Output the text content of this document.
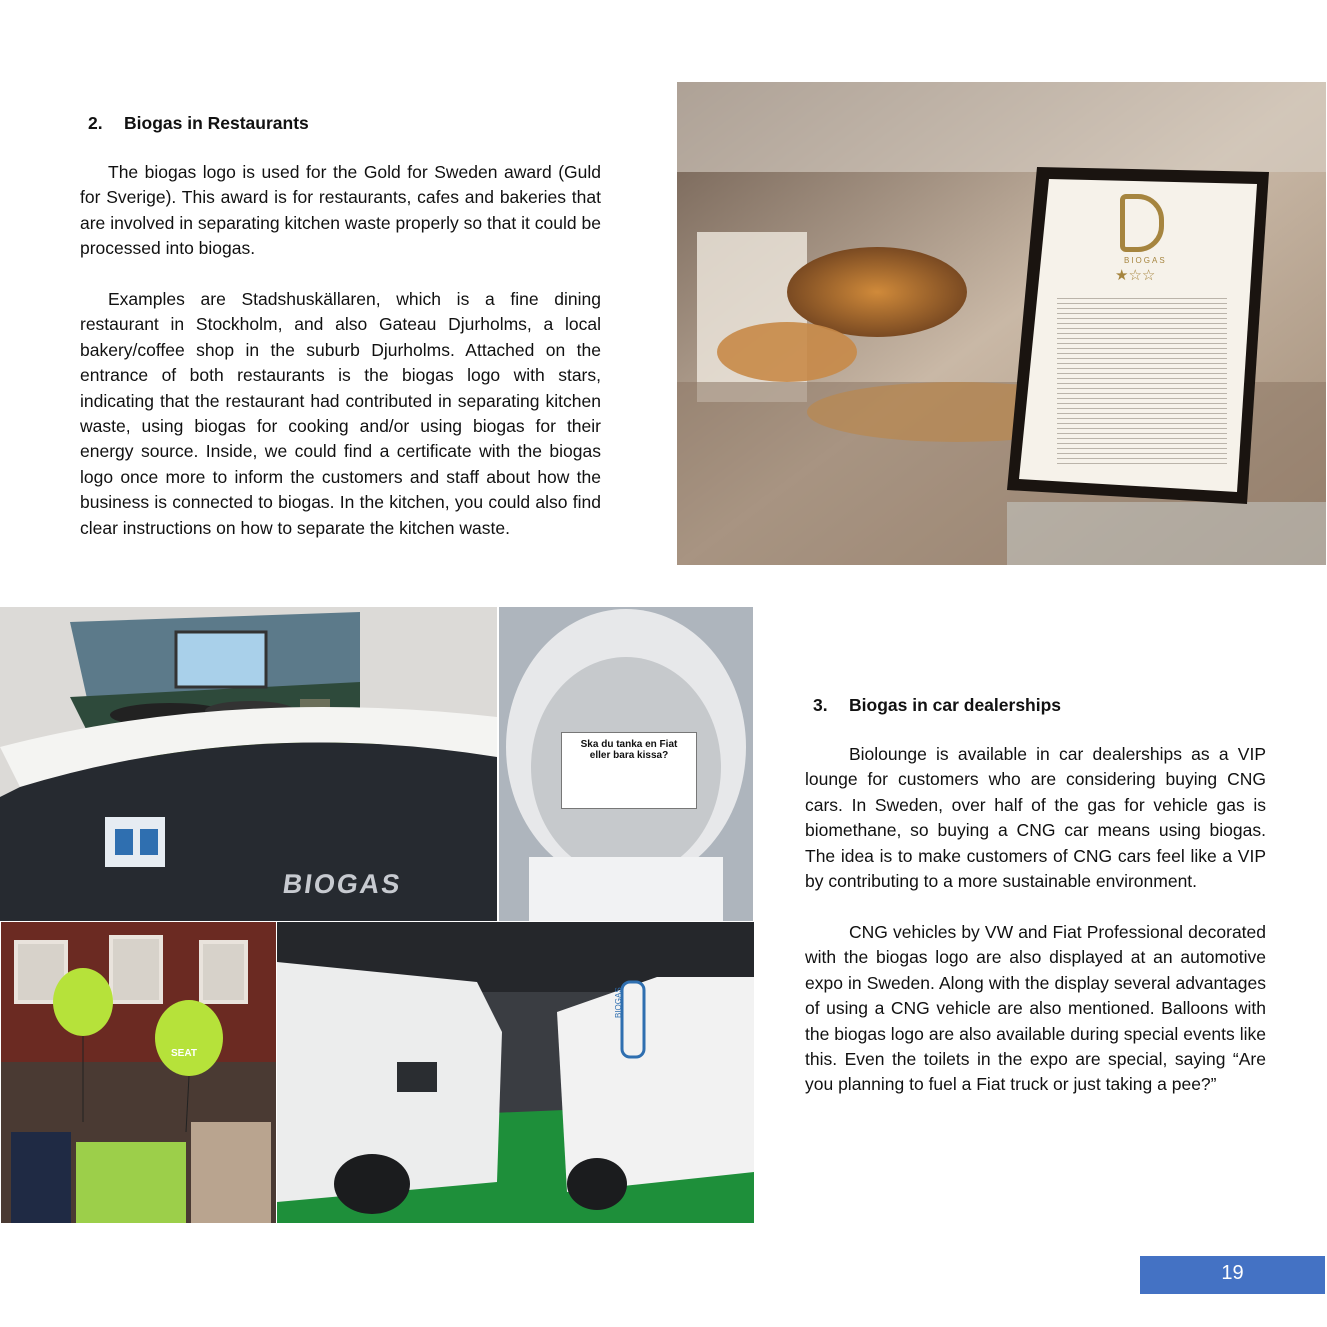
2. Biogas in Restaurants

The biogas logo is used for the Gold for Sweden award (Guld for Sverige). This award is for restaurants, cafes and bakeries that are involved in separating kitchen waste properly so that it could be processed into biogas.

Examples are Stadshuskällaren, which is a fine dining restaurant in Stockholm, and also Gateau Djurholms, a local bakery/coffee shop in the suburb Djurholms. Attached on the entrance of both restaurants is the biogas logo with stars, indicating that the restaurant had contributed in separating kitchen waste, using biogas for cooking and/or using biogas for their energy source. Inside, we could find a certificate with the biogas logo once more to inform the customers and staff about how the business is connected to biogas. In the kitchen, you could also find clear instructions on how to separate the kitchen waste.

BIOGAS
★☆☆
BIOGAS
Ska du tanka en Fiat
eller bara kissa?
SEAT
BIOGAS
3. Biogas in car dealerships

Biolounge is available in car dealerships as a VIP lounge for customers who are considering buying CNG cars. In Sweden, over half of the gas for vehicle gas is biomethane, so buying a CNG car means using biogas. The idea is to make customers of CNG cars feel like a VIP by contributing to a more sustainable environment.

CNG vehicles by VW and Fiat Professional decorated with the biogas logo are also displayed at an automotive expo in Sweden. Along with the display several advantages of using a CNG vehicle are also mentioned. Balloons with the biogas logo are also available during special events like this. Even the toilets in the expo are special, saying “Are you planning to fuel a Fiat truck or just taking a pee?”

19
